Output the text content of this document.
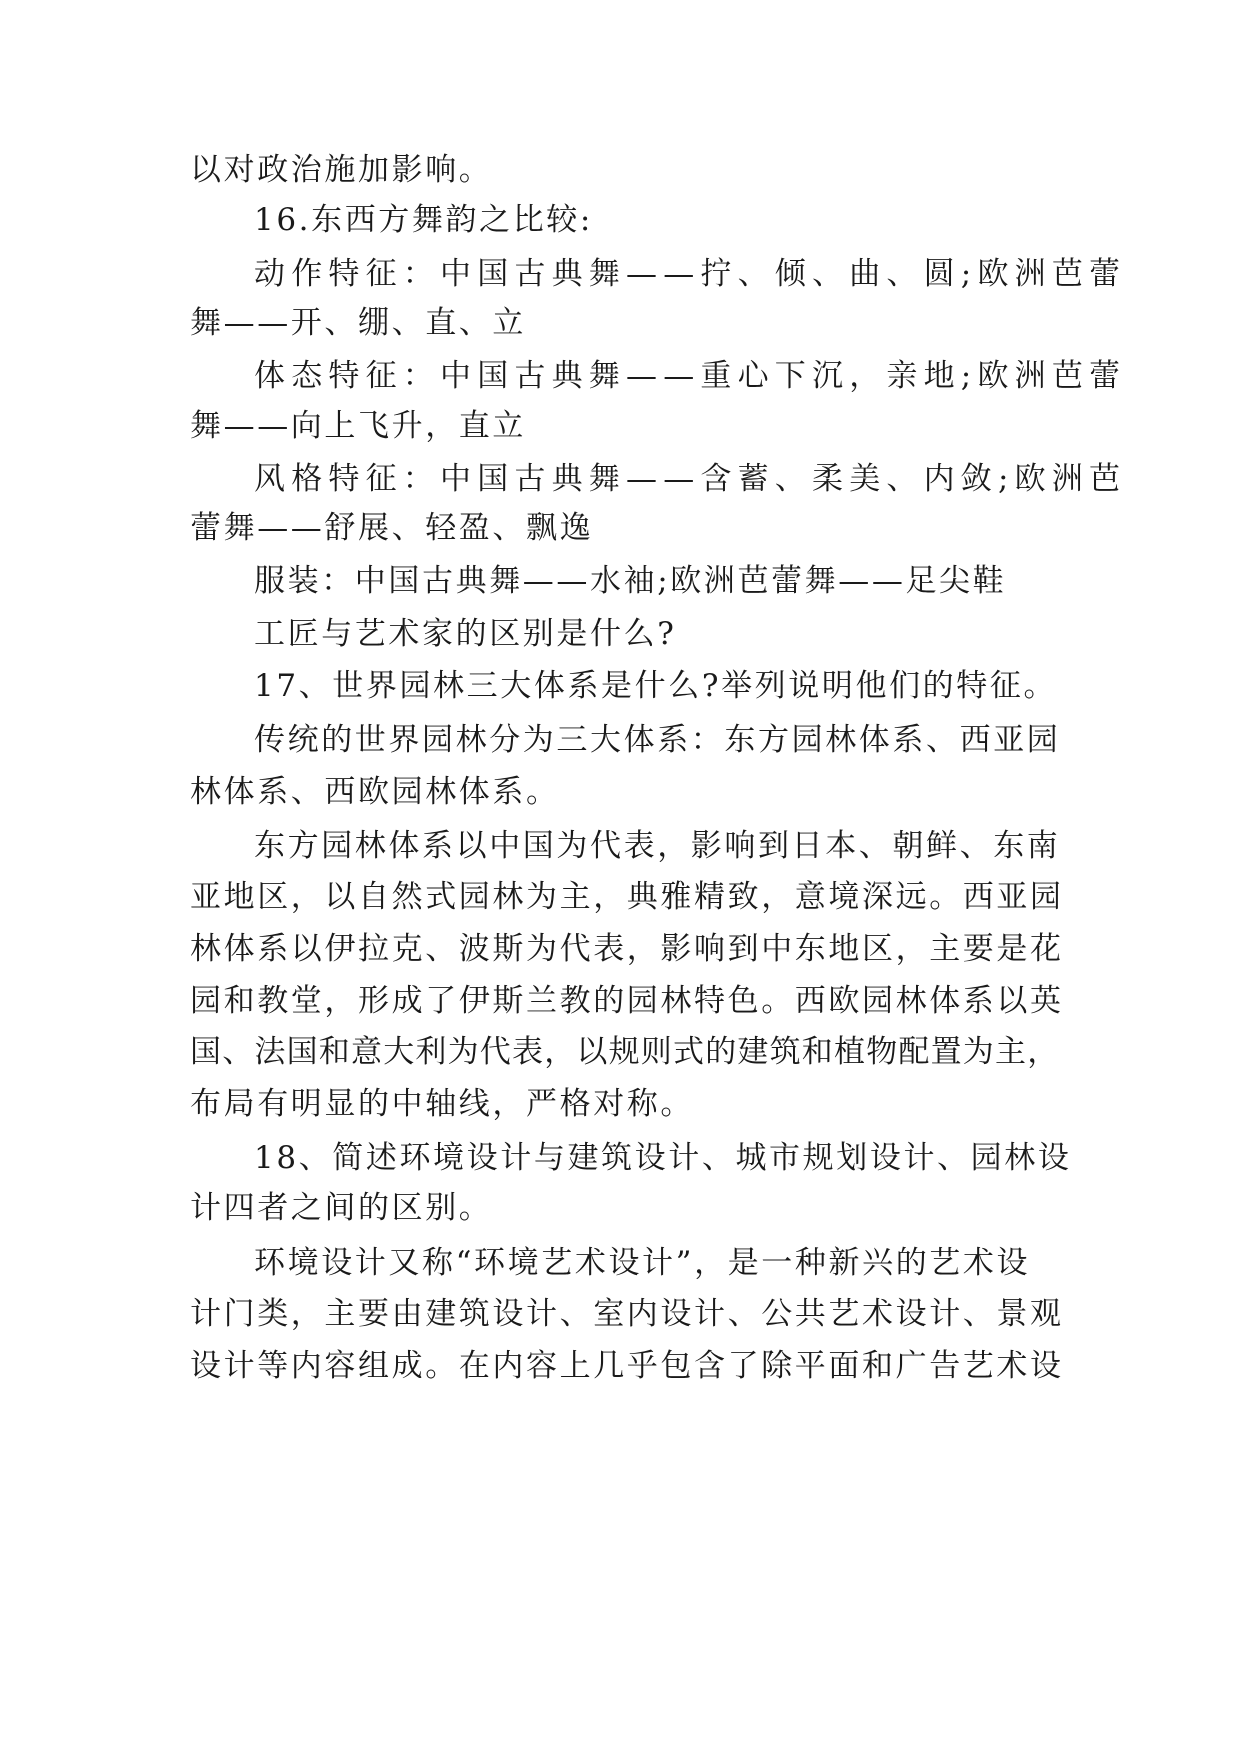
以对政治施加影响。
16.东西方舞韵之比较:
动作特征：中国古典舞——拧、倾、曲、圆;欧洲芭蕾
舞——开、绷、直、立
体态特征：中国古典舞——重心下沉，亲地;欧洲芭蕾
舞——向上飞升，直立
风格特征：中国古典舞——含蓄、柔美、内敛;欧洲芭
蕾舞——舒展、轻盈、飘逸
服装：中国古典舞——水袖;欧洲芭蕾舞——足尖鞋
工匠与艺术家的区别是什么?
17、世界园林三大体系是什么?举列说明他们的特征。
传统的世界园林分为三大体系：东方园林体系、西亚园
林体系、西欧园林体系。
东方园林体系以中国为代表，影响到日本、朝鲜、东南
亚地区，以自然式园林为主，典雅精致，意境深远。西亚园
林体系以伊拉克、波斯为代表，影响到中东地区，主要是花
园和教堂，形成了伊斯兰教的园林特色。西欧园林体系以英
国、法国和意大利为代表，以规则式的建筑和植物配置为主，
布局有明显的中轴线，严格对称。
18、简述环境设计与建筑设计、城市规划设计、园林设
计四者之间的区别。
环境设计又称“环境艺术设计”，是一种新兴的艺术设
计门类，主要由建筑设计、室内设计、公共艺术设计、景观
设计等内容组成。在内容上几乎包含了除平面和广告艺术设
